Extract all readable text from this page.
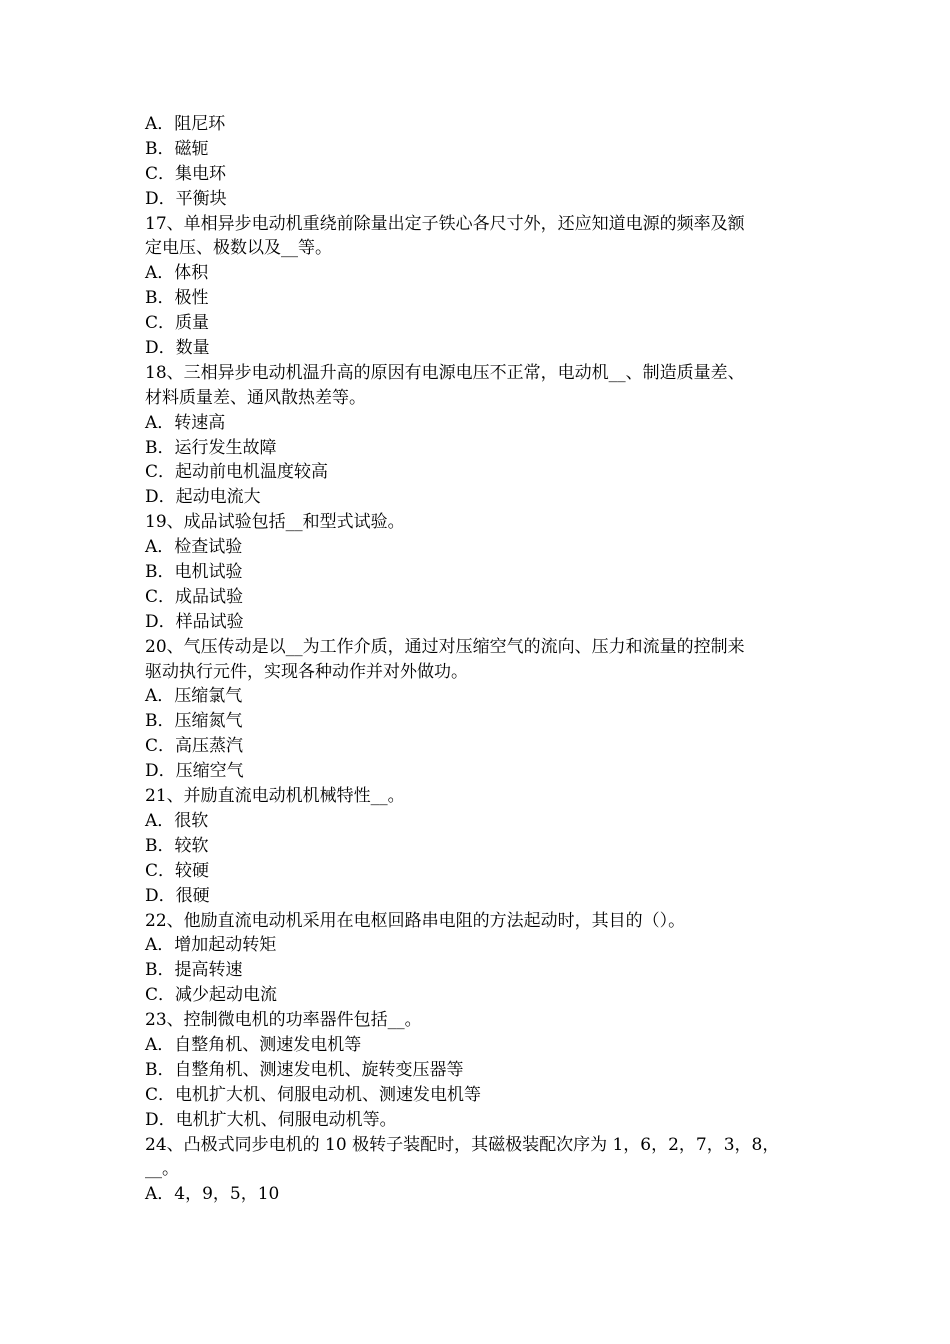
A．阻尼环
B．磁轭
C．集电环
D．平衡块
17、单相异步电动机重绕前除量出定子铁心各尺寸外，还应知道电源的频率及额
定电压、极数以及__等。
A．体积
B．极性
C．质量
D．数量
18、三相异步电动机温升高的原因有电源电压不正常，电动机__、制造质量差、
材料质量差、通风散热差等。
A．转速高
B．运行发生故障
C．起动前电机温度较高
D．起动电流大
19、成品试验包括__和型式试验。
A．检查试验
B．电机试验
C．成品试验
D．样品试验
20、气压传动是以__为工作介质，通过对压缩空气的流向、压力和流量的控制来
驱动执行元件，实现各种动作并对外做功。
A．压缩氯气
B．压缩氮气
C．高压蒸汽
D．压缩空气
21、并励直流电动机机械特性__。
A．很软
B．较软
C．较硬
D．很硬
22、他励直流电动机采用在电枢回路串电阻的方法起动时，其目的（）。
A．增加起动转矩
B．提高转速
C．减少起动电流
23、控制微电机的功率器件包括__。
A．自整角机、测速发电机等
B．自整角机、测速发电机、旋转变压器等
C．电机扩大机、伺服电动机、测速发电机等
D．电机扩大机、伺服电动机等。
24、凸极式同步电机的 10 极转子装配时，其磁极装配次序为 1，6，2，7，3，8，
__。
A．4，9，5，10
